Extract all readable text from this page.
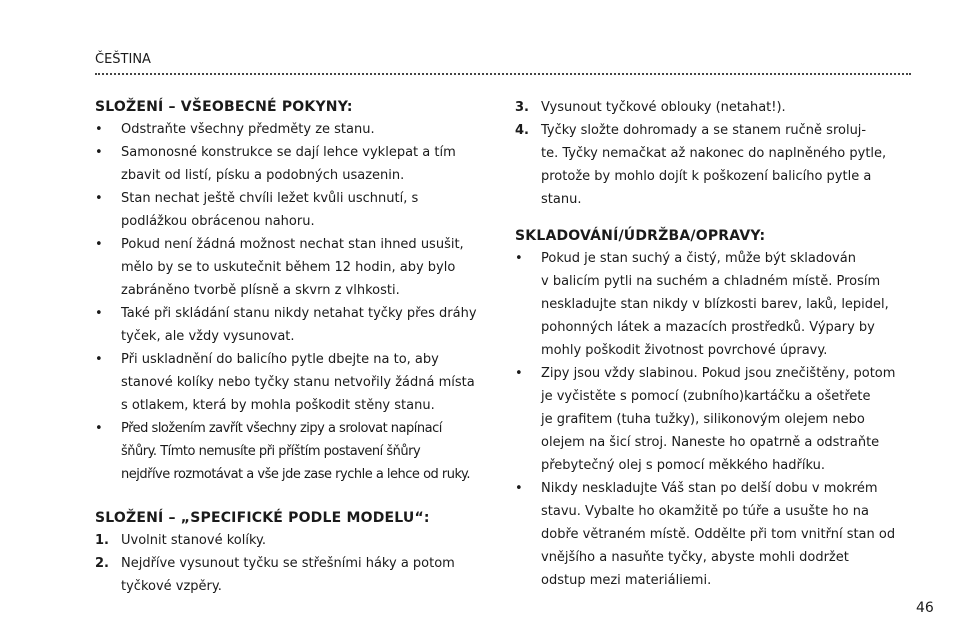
ČEŠTINA
SLOŽENÍ – VŠEOBECNÉ POKYNY:
• Odstraňte všechny předměty ze stanu.
• Samonosné konstrukce se dají lehce vyklepat a tím
zbavit od listí, písku a podobných usazenin.
• Stan nechat ještě chvíli ležet kvůli uschnutí, s
podlážkou obrácenou nahoru.
• Pokud není žádná možnost nechat stan ihned usušit,
mělo by se to uskutečnit během 12 hodin, aby bylo
zabráněno tvorbě plísně a skvrn z vlhkosti.
• Také při skládání stanu nikdy netahat tyčky přes dráhy
tyček, ale vždy vysunovat.
• Při uskladnění do balicího pytle dbejte na to, aby
stanové kolíky nebo tyčky stanu netvořily žádná místa
s otlakem, která by mohla poškodit stěny stanu.
• Před složením zavřít všechny zipy a srolovat napínací
šňůry. Tímto nemusíte při příštím postavení šňůry
nejdříve rozmotávat a vše jde zase rychle a lehce od ruky.
SLOŽENÍ – „SPECIFICKÉ PODLE MODELU“:
1. Uvolnit stanové kolíky.
2. Nejdříve vysunout tyčku se střešními háky a potom
tyčkové vzpěry.
3. Vysunout tyčkové oblouky (netahat!).
4. Tyčky složte dohromady a se stanem ručně sroluj-
te. Tyčky nemačkat až nakonec do naplněného pytle,
protože by mohlo dojít k poškození balicího pytle a
stanu.
SKLADOVÁNÍ/ÚDRŽBA/OPRAVY:
• Pokud je stan suchý a čistý, může být skladován
v balicím pytli na suchém a chladném místě. Prosím
neskladujte stan nikdy v blízkosti barev, laků, lepidel,
pohonných látek a mazacích prostředků. Výpary by
mohly poškodit životnost povrchové úpravy.
• Zipy jsou vždy slabinou. Pokud jsou znečištěny, potom
je vyčistěte s pomocí (zubního)kartáčku a ošetřete
je grafitem (tuha tužky), silikonovým olejem nebo
olejem na šicí stroj. Naneste ho opatrně a odstraňte
přebytečný olej s pomocí měkkého hadříku.
• Nikdy neskladujte Váš stan po delší dobu v mokrém
stavu. Vybalte ho okamžitě po túře a usušte ho na
dobře větraném místě. Oddělte při tom vnitřní stan od
vnějšího a nasuňte tyčky, abyste mohli dodržet
odstup mezi materiáliemi.
46
